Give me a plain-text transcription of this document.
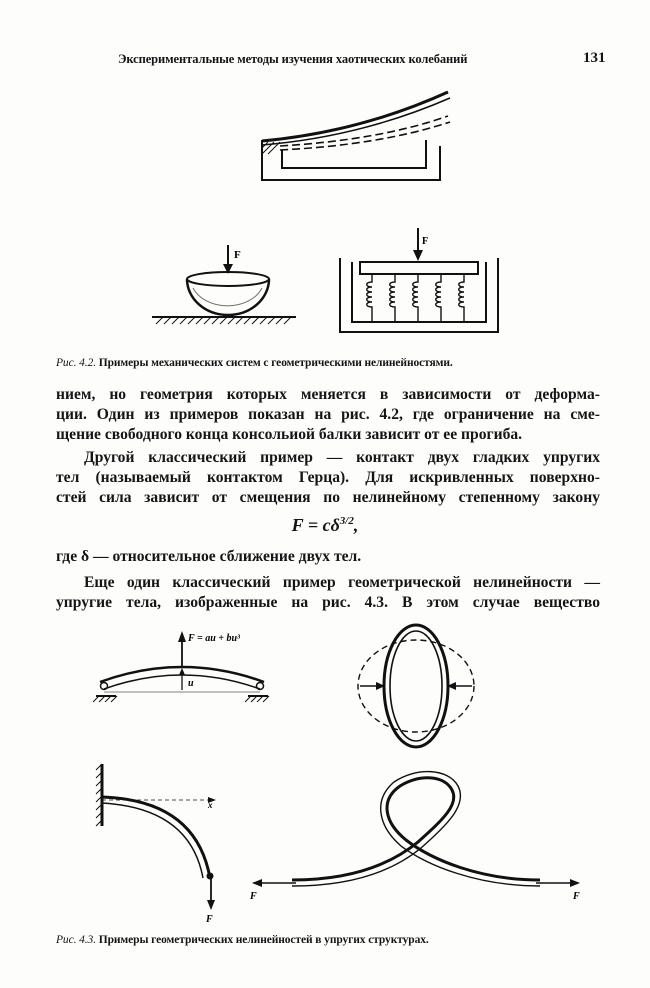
Экспериментальные методы изучения хаотических колебаний	131
F
F
Рис. 4.2. Примеры механических систем с геометрическими нелинейностями.
нием, но геометрия которых меняется в зависимости от деформа-
ции. Один из примеров показан на рис. 4.2, где ограничение на сме-
щение свободного конца консольиой балки зависит от ее прогиба.
Другой классический пример — контакт двух гладких упругих
тел (называемый контактом Герца). Для искривленных поверхно-
стей сила зависит от смещения по нелинейному степенному закону
$F = c\delta^{3/2}$,
где δ — относительное сближение двух тел.
Еще один классический пример геометрической нелинейности —
упругие тела, изображенные на рис. 4.3. В этом случае вещество
F = au + bu³
u
x
F
F	F
Рис. 4.3. Примеры геометрических нелинейностей в упругих структурах.
